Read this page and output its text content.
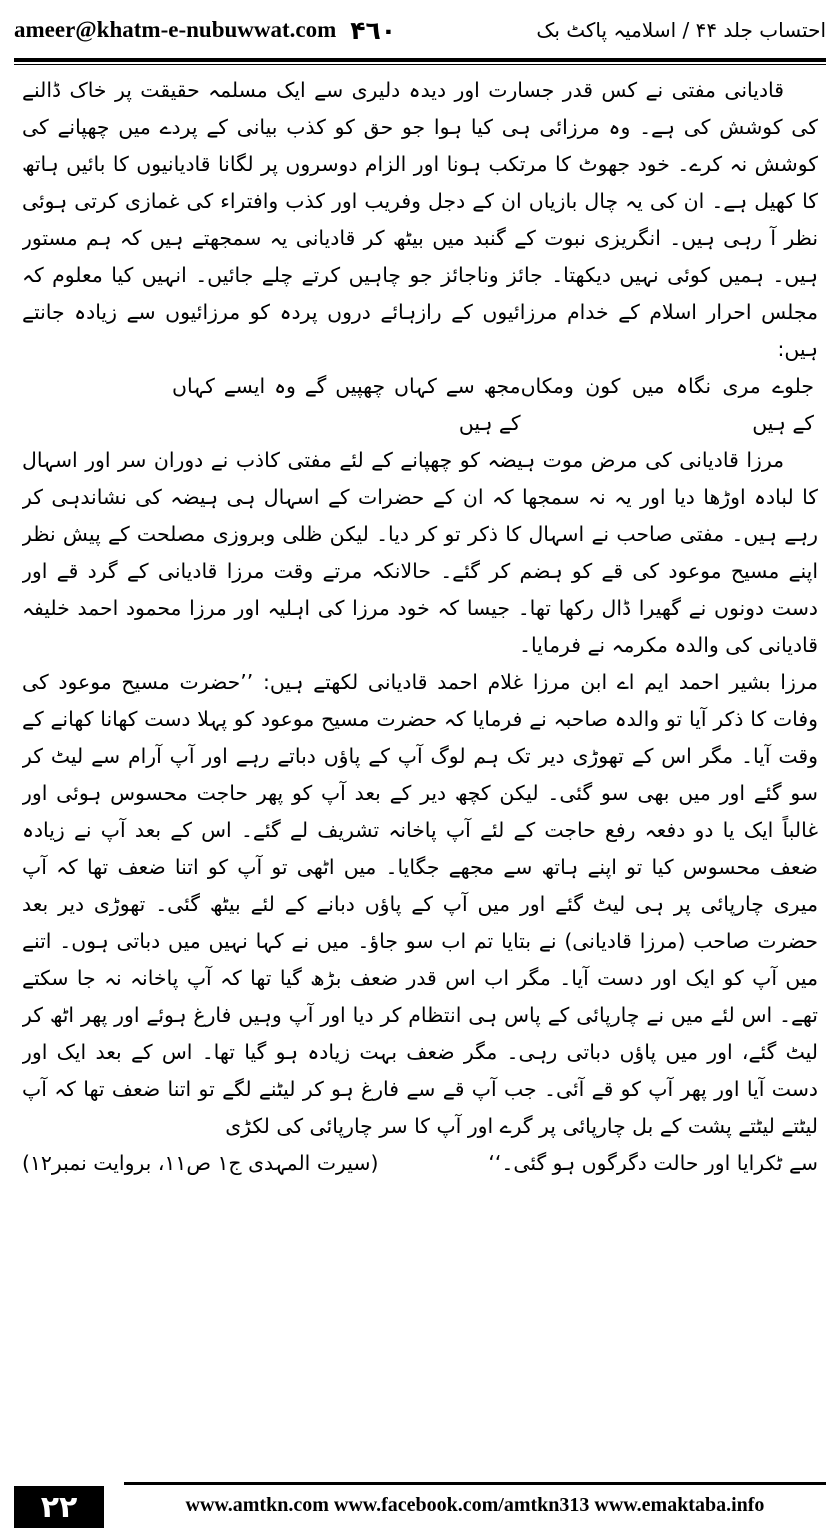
ameer@khatm-e-nubuwwat.com ۴٦٠	احتساب جلد ۴۴ / اسلامیہ پاکٹ بک

قادیانی مفتی نے کس قدر جسارت اور دیدہ دلیری سے ایک مسلمہ حقیقت پر خاک ڈالنے کی کوشش کی ہے۔ وہ مرزائی ہی کیا ہوا جو حق کو کذب بیانی کے پردے میں چھپانے کی کوشش نہ کرے۔ خود جھوٹ کا مرتکب ہونا اور الزام دوسروں پر لگانا قادیانیوں کا بائیں ہاتھ کا کھیل ہے۔ ان کی یہ چال بازیاں ان کے دجل وفریب اور کذب وافتراء کی غمازی کرتی ہوئی نظر آ رہی ہیں۔ انگریزی نبوت کے گنبد میں بیٹھ کر قادیانی یہ سمجھتے ہیں کہ ہم مستور ہیں۔ ہمیں کوئی نہیں دیکھتا۔ جائز وناجائز جو چاہیں کرتے چلے جائیں۔ انہیں کیا معلوم کہ مجلس احرار اسلام کے خدام مرزائیوں کے رازہائے دروں پردہ کو مرزائیوں سے زیادہ جانتے ہیں:

جلوے مری نگاہ میں کون ومکاں کے ہیں
مجھ سے کہاں چھپیں گے وہ ایسے کہاں کے ہیں

مرزا قادیانی کی مرض موت ہیضہ کو چھپانے کے لئے مفتی کاذب نے دوران سر اور اسہال کا لبادہ اوڑھا دیا اور یہ نہ سمجھا کہ ان کے حضرات کے اسہال ہی ہیضہ کی نشاندہی کر رہے ہیں۔ مفتی صاحب نے اسہال کا ذکر تو کر دیا۔ لیکن ظلی وبروزی مصلحت کے پیش نظر اپنے مسیح موعود کی قے کو ہضم کر گئے۔ حالانکہ مرتے وقت مرزا قادیانی کے گرد قے اور دست دونوں نے گھیرا ڈال رکھا تھا۔ جیسا کہ خود مرزا کی اہلیہ اور مرزا محمود احمد خلیفہ قادیانی کی والدہ مکرمہ نے فرمایا۔

مرزا بشیر احمد ایم اے ابن مرزا غلام احمد قادیانی لکھتے ہیں: ’’حضرت مسیح موعود کی وفات کا ذکر آیا تو والدہ صاحبہ نے فرمایا کہ حضرت مسیح موعود کو پہلا دست کھانا کھانے کے وقت آیا۔ مگر اس کے تھوڑی دیر تک ہم لوگ آپ کے پاؤں دباتے رہے اور آپ آرام سے لیٹ کر سو گئے اور میں بھی سو گئی۔ لیکن کچھ دیر کے بعد آپ کو پھر حاجت محسوس ہوئی اور غالباً ایک یا دو دفعہ رفع حاجت کے لئے آپ پاخانہ تشریف لے گئے۔ اس کے بعد آپ نے زیادہ ضعف محسوس کیا تو اپنے ہاتھ سے مجھے جگایا۔ میں اٹھی تو آپ کو اتنا ضعف تھا کہ آپ میری چارپائی پر ہی لیٹ گئے اور میں آپ کے پاؤں دبانے کے لئے بیٹھ گئی۔ تھوڑی دیر بعد حضرت صاحب (مرزا قادیانی) نے بتایا تم اب سو جاؤ۔ میں نے کہا نہیں میں دباتی ہوں۔ اتنے میں آپ کو ایک اور دست آیا۔ مگر اب اس قدر ضعف بڑھ گیا تھا کہ آپ پاخانہ نہ جا سکتے تھے۔ اس لئے میں نے چارپائی کے پاس ہی انتظام کر دیا اور آپ وہیں فارغ ہوئے اور پھر اٹھ کر لیٹ گئے، اور میں پاؤں دباتی رہی۔ مگر ضعف بہت زیادہ ہو گیا تھا۔ اس کے بعد ایک اور دست آیا اور پھر آپ کو قے آئی۔ جب آپ قے سے فارغ ہو کر لیٹنے لگے تو اتنا ضعف تھا کہ آپ لیٹتے لیٹتے پشت کے بل چارپائی پر گرے اور آپ کا سر چارپائی کی لکڑی

سے ٹکرایا اور حالت دگرگوں ہو گئی۔‘‘
(سیرت المہدی ج۱ ص۱۱، بروایت نمبر۱۲)
۲۲	www.amtkn.com www.facebook.com/amtkn313 www.emaktaba.info
